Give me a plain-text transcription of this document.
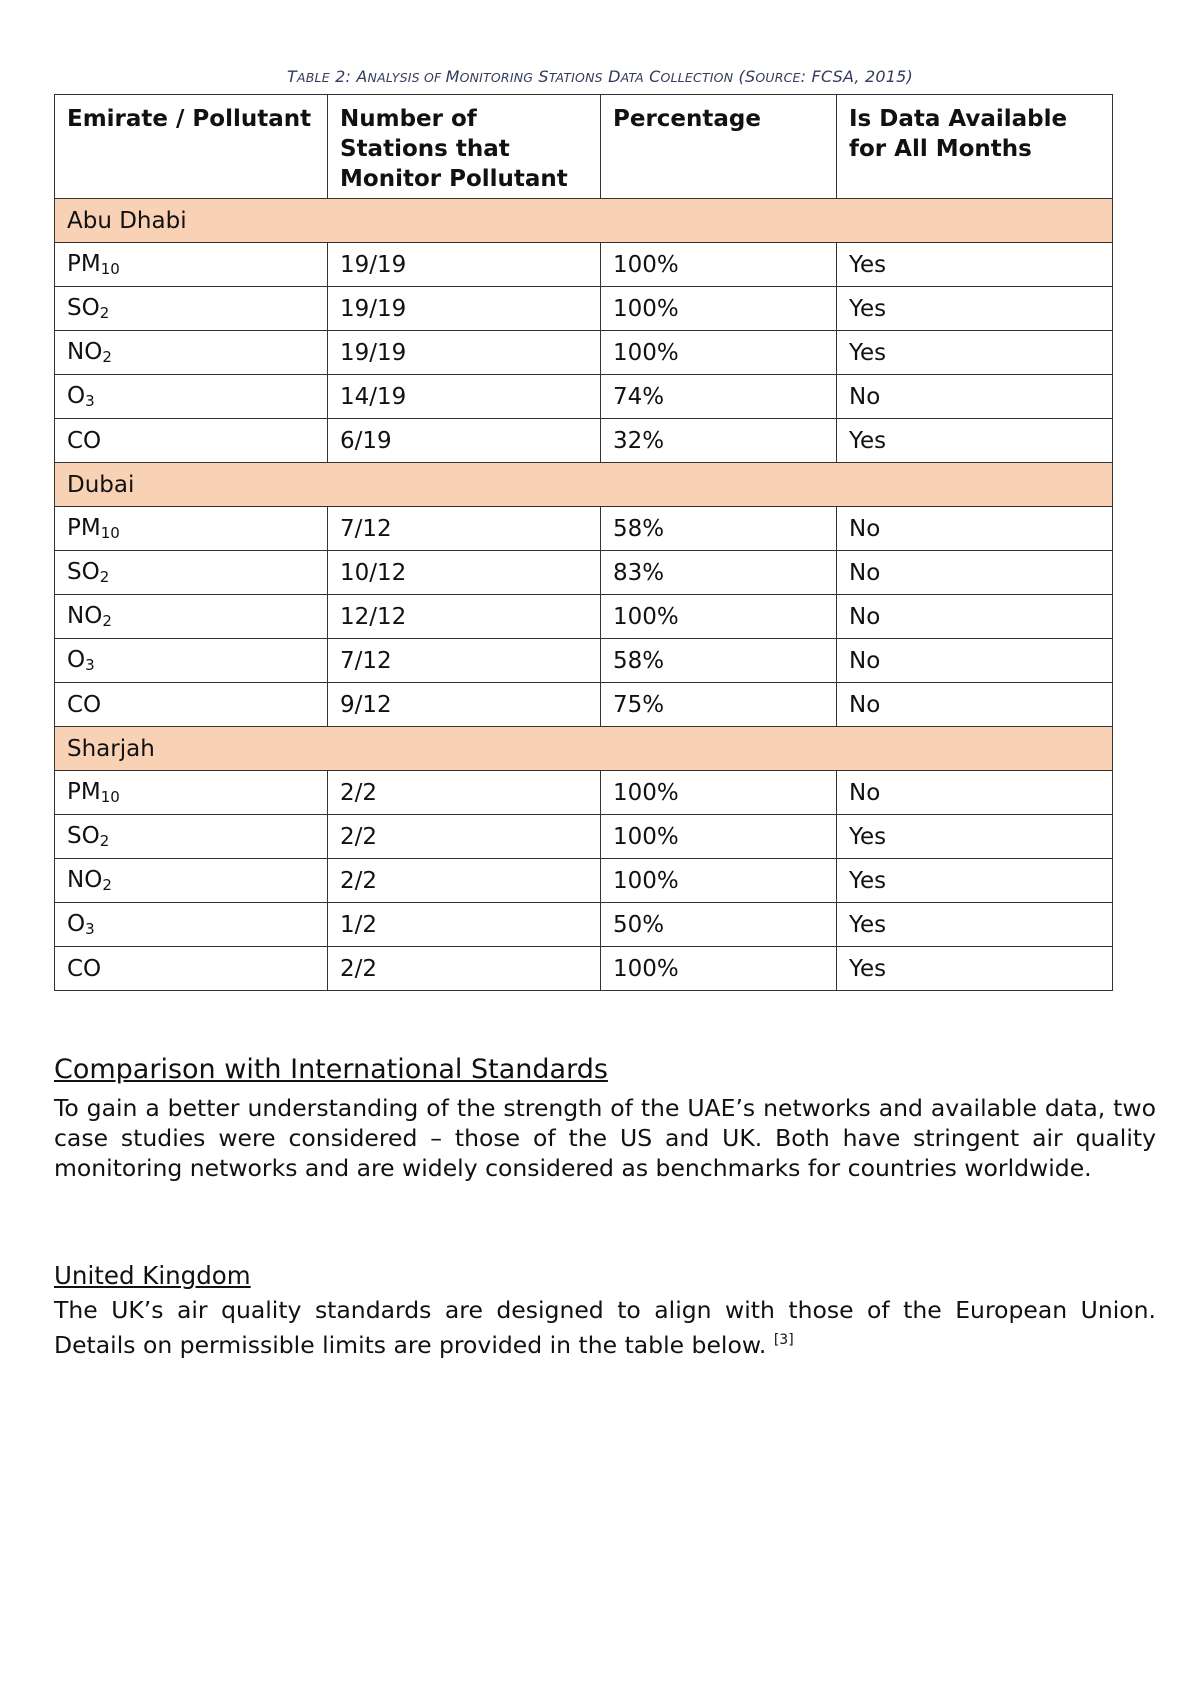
TABLE 2: ANALYSIS OF MONITORING STATIONS DATA COLLECTION (SOURCE: FCSA, 2015)
Emirate / Pollutant	Number of Stations that Monitor Pollutant	Percentage	Is Data Available for All Months
Abu Dhabi			
$PM_{10}$	19/19	100%	Yes
$SO_2$	19/19	100%	Yes
$NO_2$	19/19	100%	Yes
$O_3$	14/19	74%	No
CO	6/19	32%	Yes
Dubai			
$PM_{10}$	7/12	58%	No
$SO_2$	10/12	83%	No
$NO_2$	12/12	100%	No
$O_3$	7/12	58%	No
CO	9/12	75%	No
Sharjah			
$PM_{10}$	2/2	100%	No
$SO_2$	2/2	100%	Yes
$NO_2$	2/2	100%	Yes
$O_3$	1/2	50%	Yes
CO	2/2	100%	Yes
Comparison with International Standards
To gain a better understanding of the strength of the UAE’s networks and available data, two case studies were considered – those of the US and UK. Both have stringent air quality monitoring networks and are widely considered as benchmarks for countries worldwide.
United Kingdom
The UK’s air quality standards are designed to align with those of the European Union. Details on permissible limits are provided in the table below. [3]
